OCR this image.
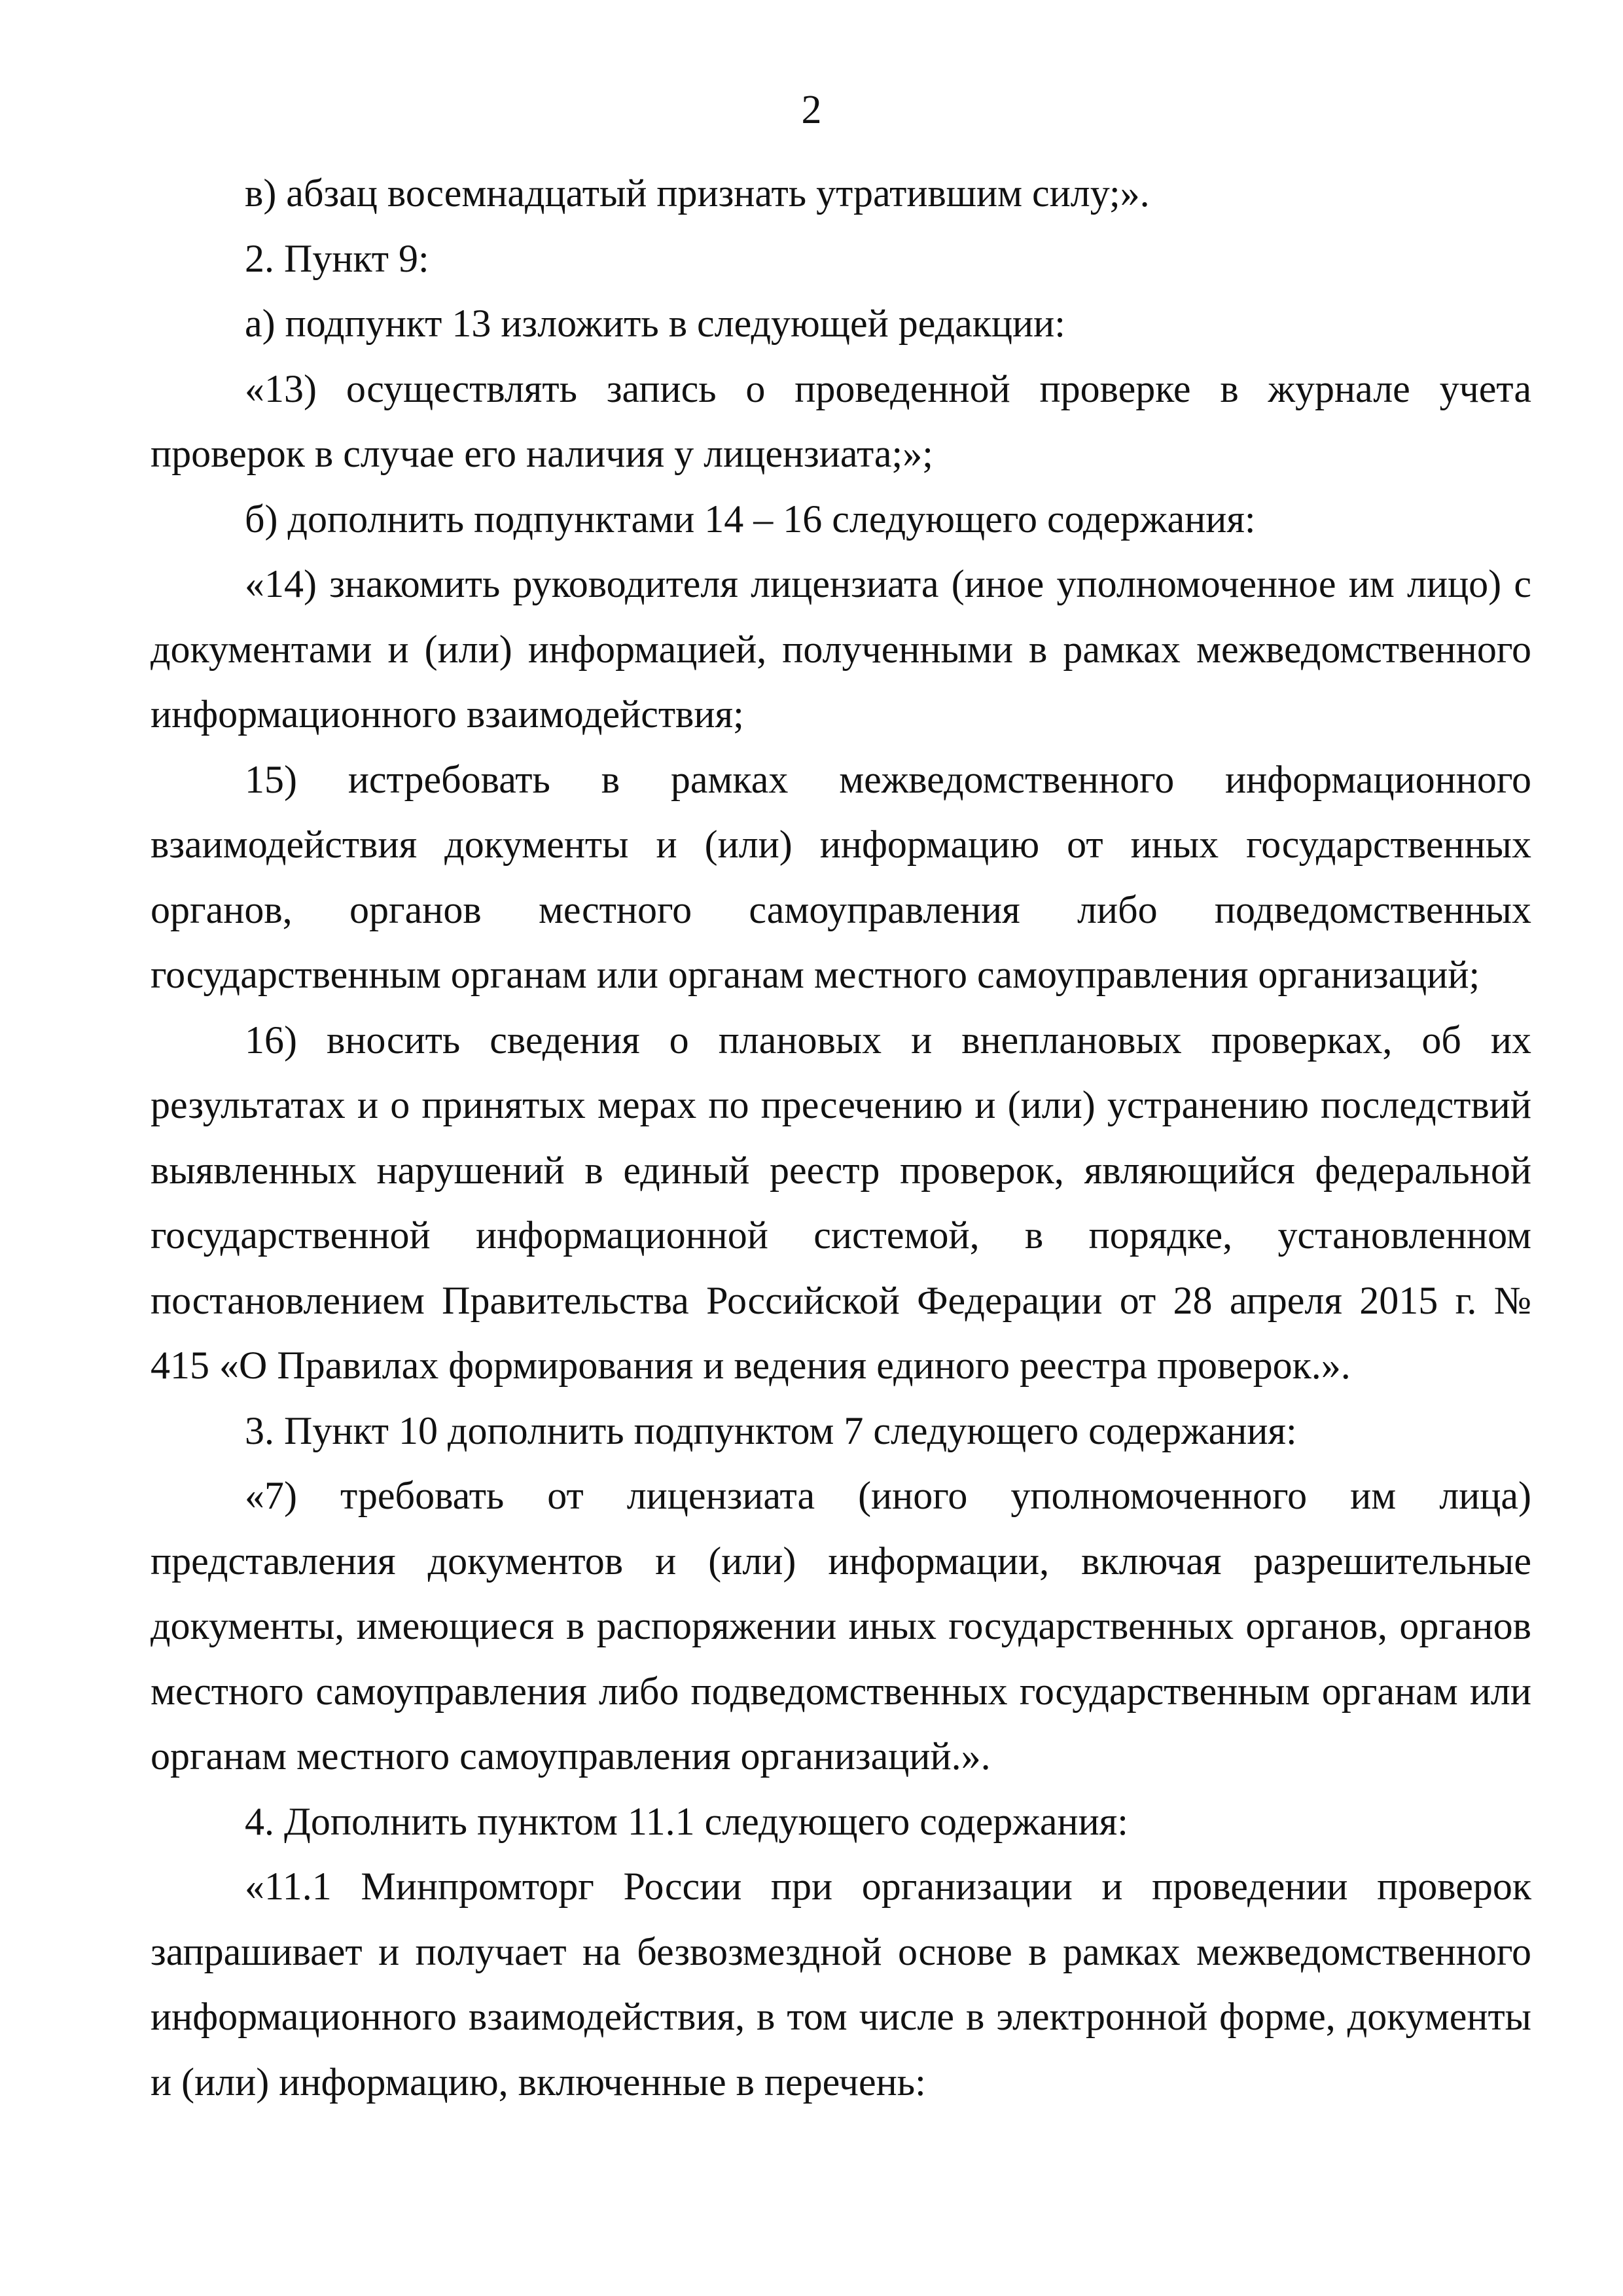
2

в) абзац восемнадцатый признать утратившим силу;».

2. Пункт 9:

а) подпункт 13 изложить в следующей редакции:

«13) осуществлять запись о проведенной проверке в журнале учета проверок в случае его наличия у лицензиата;»;

б) дополнить подпунктами 14 – 16 следующего содержания:

«14) знакомить руководителя лицензиата (иное уполномоченное им лицо) с документами и (или) информацией, полученными в рамках межведомственного информационного взаимодействия;

15) истребовать в рамках межведомственного информационного взаимодействия документы и (или) информацию от иных государственных органов, органов местного самоуправления либо подведомственных государственным органам или органам местного самоуправления организаций;

16) вносить сведения о плановых и внеплановых проверках, об их результатах и о принятых мерах по пресечению и (или) устранению последствий выявленных нарушений в единый реестр проверок, являющийся федеральной государственной информационной системой, в порядке, установленном постановлением Правительства Российской Федерации от 28 апреля 2015 г. № 415 «О Правилах формирования и ведения единого реестра проверок.».

3. Пункт 10 дополнить подпунктом 7 следующего содержания:

«7) требовать от лицензиата (иного уполномоченного им лица) представления документов и (или) информации, включая разрешительные документы, имеющиеся в распоряжении иных государственных органов, органов местного самоуправления либо подведомственных государственным органам или органам местного самоуправления организаций.».

4. Дополнить пунктом 11.1 следующего содержания:

«11.1 Минпромторг России при организации и проведении проверок запрашивает и получает на безвозмездной основе в рамках межведомственного информационного взаимодействия, в том числе в электронной форме, документы и (или) информацию, включенные в перечень:
